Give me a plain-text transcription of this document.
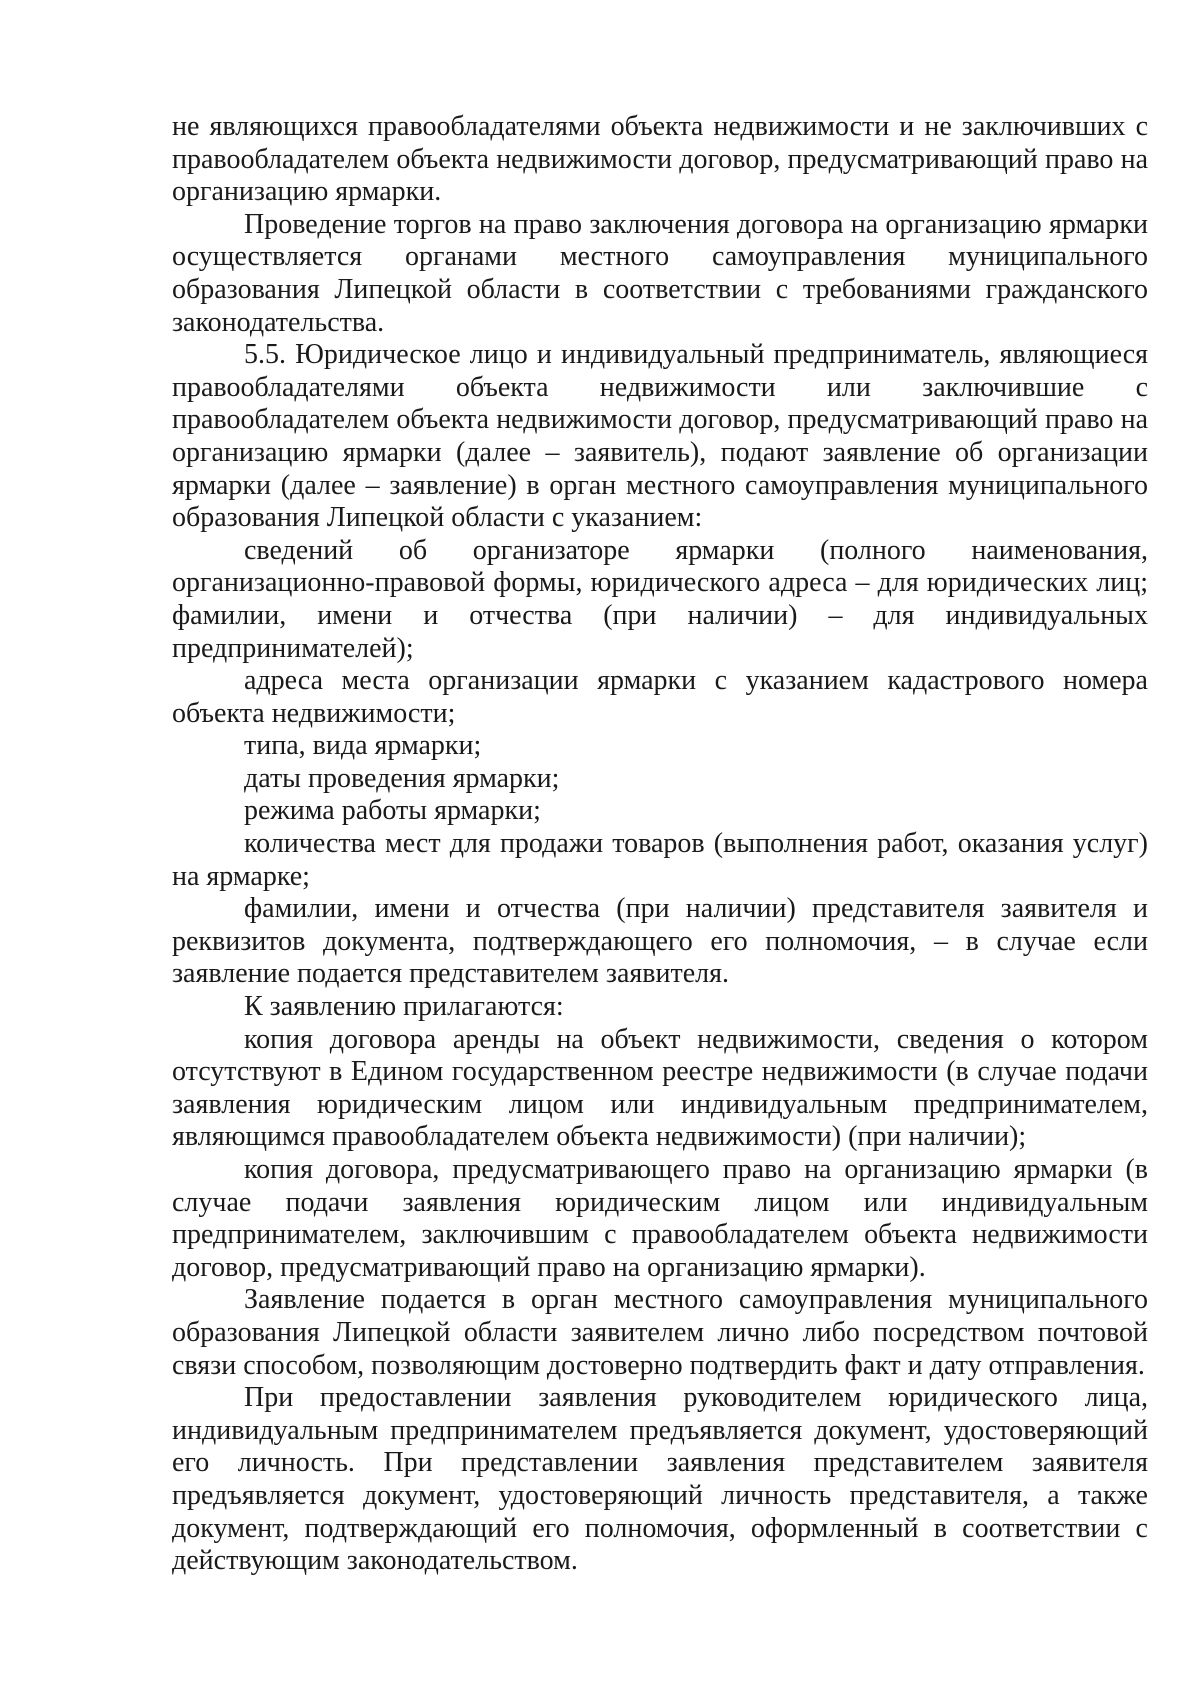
не являющихся правообладателями объекта недвижимости и не заключивших с правообладателем объекта недвижимости договор, предусматривающий право на организацию ярмарки.

Проведение торгов на право заключения договора на организацию ярмарки осуществляется органами местного самоуправления муниципального образования Липецкой области в соответствии с требованиями гражданского законодательства.

5.5. Юридическое лицо и индивидуальный предприниматель, являющиеся правообладателями объекта недвижимости или заключившие с правообладателем объекта недвижимости договор, предусматривающий право на организацию ярмарки (далее – заявитель), подают заявление об организации ярмарки (далее – заявление) в орган местного самоуправления муниципального образования Липецкой области с указанием:

сведений об организаторе ярмарки (полного наименования, организационно-правовой формы, юридического адреса – для юридических лиц; фамилии, имени и отчества (при наличии) – для индивидуальных предпринимателей);

адреса места организации ярмарки с указанием кадастрового номера объекта недвижимости;

типа, вида ярмарки;

даты проведения ярмарки;

режима работы ярмарки;

количества мест для продажи товаров (выполнения работ, оказания услуг) на ярмарке;

фамилии, имени и отчества (при наличии) представителя заявителя и реквизитов документа, подтверждающего его полномочия, – в случае если заявление подается представителем заявителя.

К заявлению прилагаются:

копия договора аренды на объект недвижимости, сведения о котором отсутствуют в Едином государственном реестре недвижимости (в случае подачи заявления юридическим лицом или индивидуальным предпринимателем, являющимся правообладателем объекта недвижимости) (при наличии);

копия договора, предусматривающего право на организацию ярмарки (в случае подачи заявления юридическим лицом или индивидуальным предпринимателем, заключившим с правообладателем объекта недвижимости договор, предусматривающий право на организацию ярмарки).

Заявление подается в орган местного самоуправления муниципального образования Липецкой области заявителем лично либо посредством почтовой связи способом, позволяющим достоверно подтвердить факт и дату отправления.

При предоставлении заявления руководителем юридического лица, индивидуальным предпринимателем предъявляется документ, удостоверяющий его личность. При представлении заявления представителем заявителя предъявляется документ, удостоверяющий личность представителя, а также документ, подтверждающий его полномочия, оформленный в соответствии с действующим законодательством.
